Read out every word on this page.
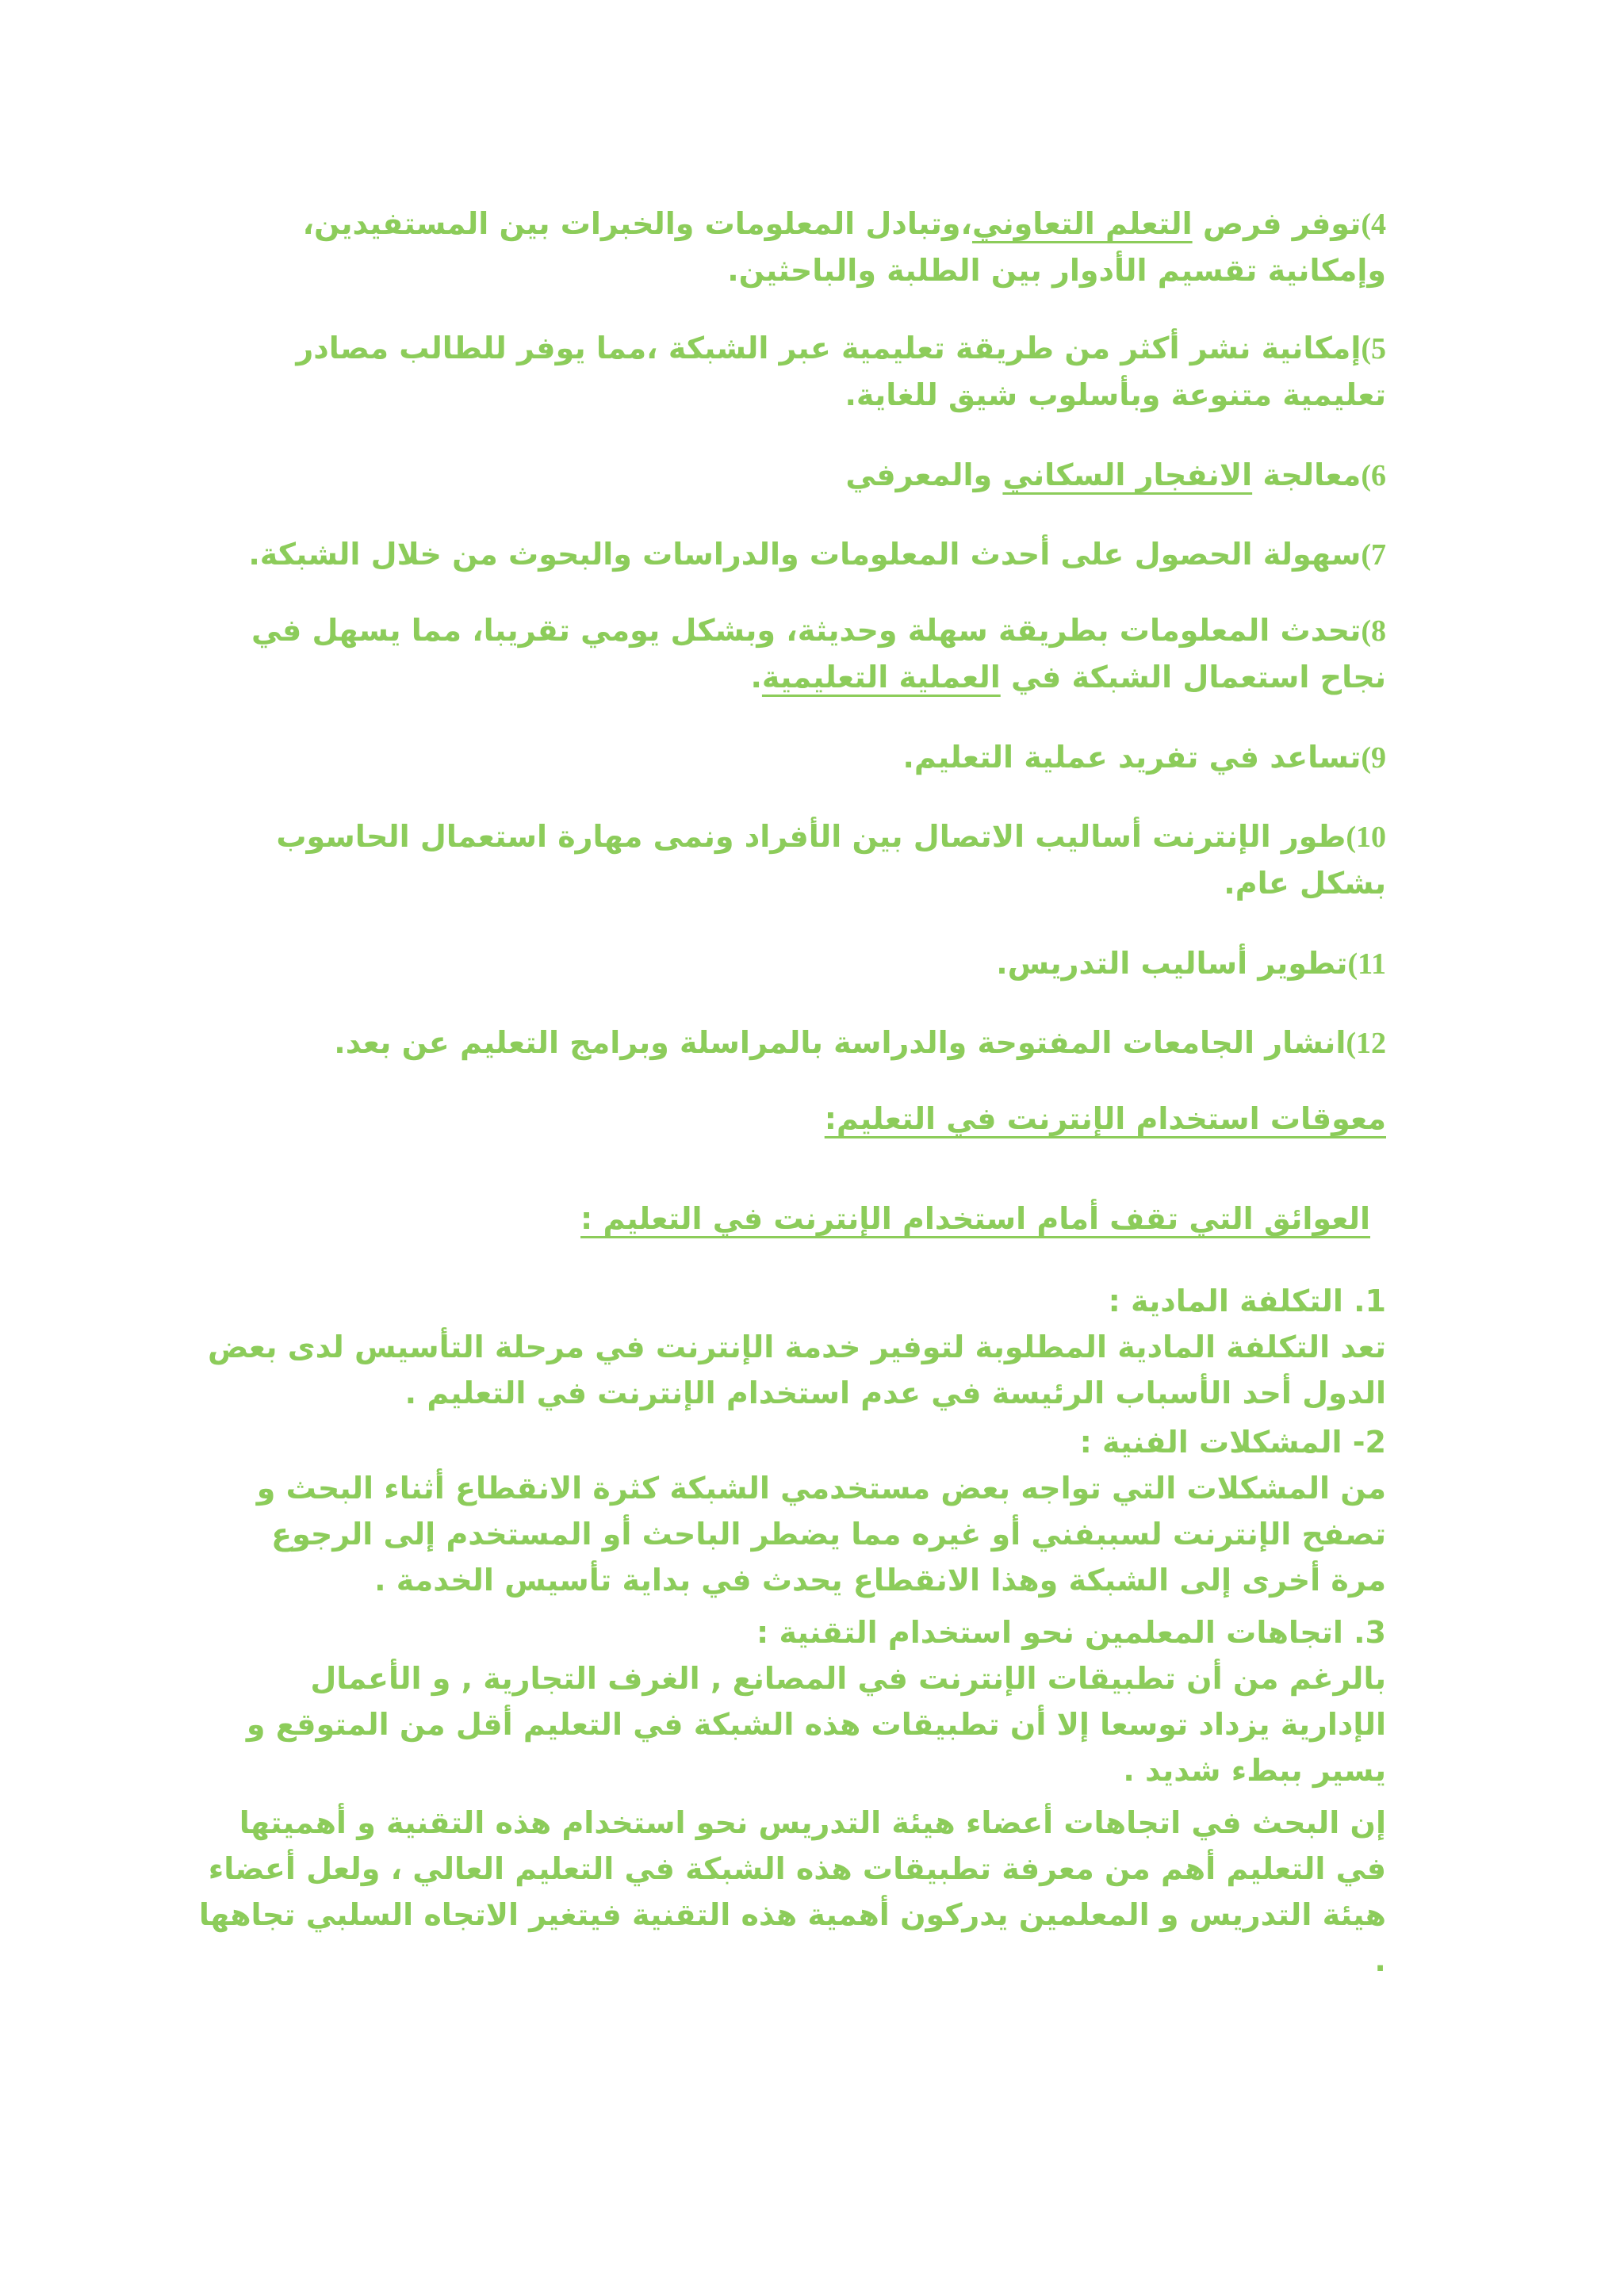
4)توفر فرص التعلم التعاوني،وتبادل المعلومات والخبرات بين المستفيدين،
وإمكانية تقسيم الأدوار بين الطلبة والباحثين.
5)إمكانية نشر أكثر من طريقة تعليمية عبر الشبكة ،مما يوفر للطالب مصادر
تعليمية متنوعة وبأسلوب شيق للغاية.
6)معالجة الانفجار السكاني والمعرفي
7)سهولة الحصول على أحدث المعلومات والدراسات والبحوث من خلال الشبكة.
8)تحدث المعلومات بطريقة سهلة وحديثة، وبشكل يومي تقريبا، مما يسهل في
نجاح استعمال الشبكة في العملية التعليمية.
9)تساعد في تفريد عملية التعليم.
10)طور الإنترنت أساليب الاتصال بين الأفراد ونمى مهارة استعمال الحاسوب
بشكل عام.
11)تطوير أساليب التدريس.
12)انشار الجامعات المفتوحة والدراسة بالمراسلة وبرامج التعليم عن بعد.
معوقات استخدام الإنترنت في التعليم:
العوائق التي تقف أمام استخدام الإنترنت في التعليم :
1. التكلفة المادية :
تعد التكلفة المادية المطلوبة لتوفير خدمة الإنترنت في مرحلة التأسيس لدى بعض
الدول أحد الأسباب الرئيسة في عدم استخدام الإنترنت في التعليم .
2- المشكلات الفنية :
من المشكلات التي تواجه بعض مستخدمي الشبكة كثرة الانقطاع أثناء البحث و
تصفح الإنترنت لسببفني أو غيره مما يضطر الباحث أو المستخدم إلى الرجوع
مرة أخرى إلى الشبكة وهذا الانقطاع يحدث في بداية تأسيس الخدمة .
3. اتجاهات المعلمين نحو استخدام التقنية :
بالرغم من أن تطبيقات الإنترنت في المصانع , الغرف التجارية , و الأعمال
الإدارية يزداد توسعا إلا أن تطبيقات هذه الشبكة في التعليم أقل من المتوقع و
يسير ببطء شديد .
إن البحث في اتجاهات أعضاء هيئة التدريس نحو استخدام هذه التقنية و أهميتها
في التعليم أهم من معرفة تطبيقات هذه الشبكة في التعليم العالي ، ولعل أعضاء
هيئة التدريس و المعلمين يدركون أهمية هذه التقنية فيتغير الاتجاه السلبي تجاهها
.
